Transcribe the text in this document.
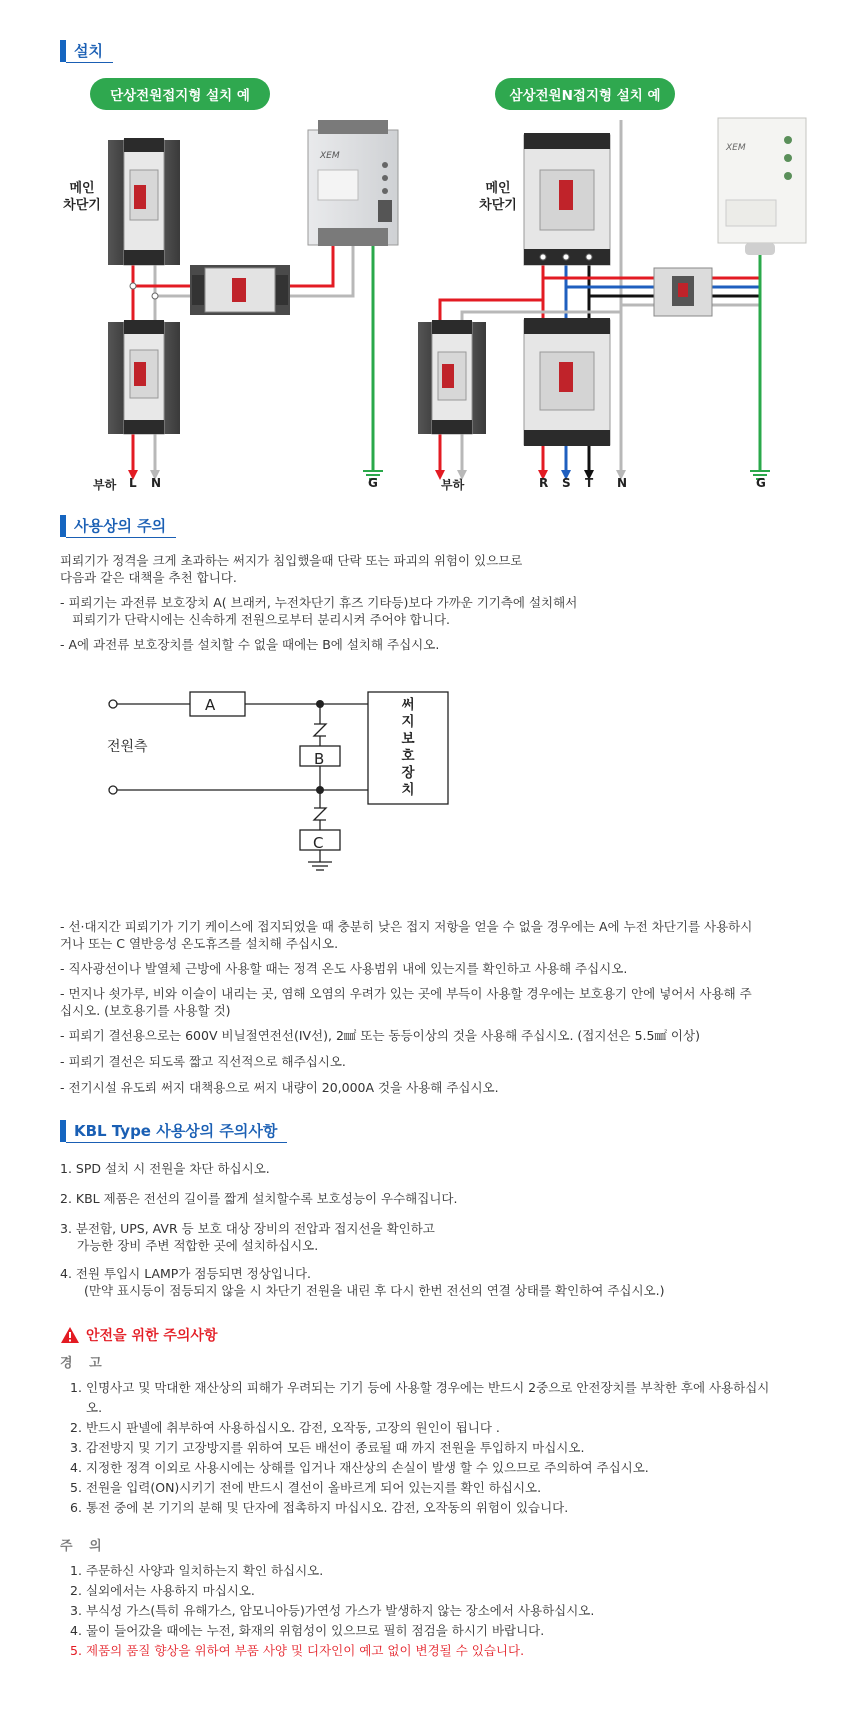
설치
단상전원접지형 설치 예	삼상전원N접지형 설치 예
XEM
XEM
메인
차단기
메인
차단기
부하 L N	G	부하	R S T N	G
사용상의 주의
피뢰기가 정격을 크게 초과하는 써지가 침입했을때 단락 또는 파괴의 위험이 있으므로
다음과 같은 대책을 추천 합니다.
- 피뢰기는 과전류 보호장치 A( 브래커, 누전차단기 휴즈 기타등)보다 가까운 기기측에 설치해서
피뢰기가 단락시에는 신속하게 전원으로부터 분리시켜 주어야 합니다.
- A에 과전류 보호장치를 설치할 수 없을 때에는 B에 설치해 주십시오.
A
B
C
전원측
써
지
보
호
장
치
- 선·대지간 피뢰기가 기기 케이스에 접지되었을 때 충분히 낮은 접지 저항을 얻을 수 없을 경우에는 A에 누전 차단기를 사용하시
거나 또는 C 열반응성 온도휴즈를 설치해 주십시오.
- 직사광선이나 발열체 근방에 사용할 때는 정격 온도 사용범위 내에 있는지를 확인하고 사용해 주십시오.
- 먼지나 쇳가루, 비와 이슬이 내리는 곳, 염해 오염의 우려가 있는 곳에 부득이 사용할 경우에는 보호용기 안에 넣어서 사용해 주
십시오. (보호용기를 사용할 것)
- 피뢰기 결선용으로는 600V 비닐절연전선(IV선), 2㎟ 또는 동등이상의 것을 사용해 주십시오. (접지선은 5.5㎟ 이상)
- 피뢰기 결선은 되도록 짧고 직선적으로 해주십시오.
- 전기시설 유도뢰 써지 대책용으로 써지 내량이 20,000A 것을 사용해 주십시오.
KBL Type 사용상의 주의사항
1. SPD 설치 시 전원을 차단 하십시오.
2. KBL 제품은 전선의 길이를 짧게 설치할수록 보호성능이 우수해집니다.
3. 분전함, UPS, AVR 등 보호 대상 장비의 전압과 접지선을 확인하고
가능한 장비 주변 적합한 곳에 설치하십시오.
4. 전원 투입시 LAMP가 점등되면 정상입니다.
(만약 표시등이 점등되지 않을 시 차단기 전원을 내린 후 다시 한번 전선의 연결 상태를 확인하여 주십시오.)
안전을 위한 주의사항
경 고
1. 인명사고 및 막대한 재산상의 피해가 우려되는 기기 등에 사용할 경우에는 반드시 2중으로 안전장치를 부착한 후에 사용하십시
오.
2. 반드시 판넬에 취부하여 사용하십시오. 감전, 오작동, 고장의 원인이 됩니다 .
3. 감전방지 및 기기 고장방지를 위하여 모든 배선이 종료될 때 까지 전원을 투입하지 마십시오.
4. 지정한 정격 이외로 사용시에는 상해를 입거나 재산상의 손실이 발생 할 수 있으므로 주의하여 주십시오.
5. 전원을 입력(ON)시키기 전에 반드시 결선이 올바르게 되어 있는지를 확인 하십시오.
6. 통전 중에 본 기기의 분해 및 단자에 접촉하지 마십시오. 감전, 오작동의 위험이 있습니다.
주 의
1. 주문하신 사양과 일치하는지 확인 하십시오.
2. 실외에서는 사용하지 마십시오.
3. 부식성 가스(특히 유해가스, 암모니아등)가연성 가스가 발생하지 않는 장소에서 사용하십시오.
4. 물이 들어갔을 때에는 누전, 화재의 위험성이 있으므로 필히 점검을 하시기 바랍니다.
5. 제품의 품질 향상을 위하여 부품 사양 및 디자인이 예고 없이 변경될 수 있습니다.
